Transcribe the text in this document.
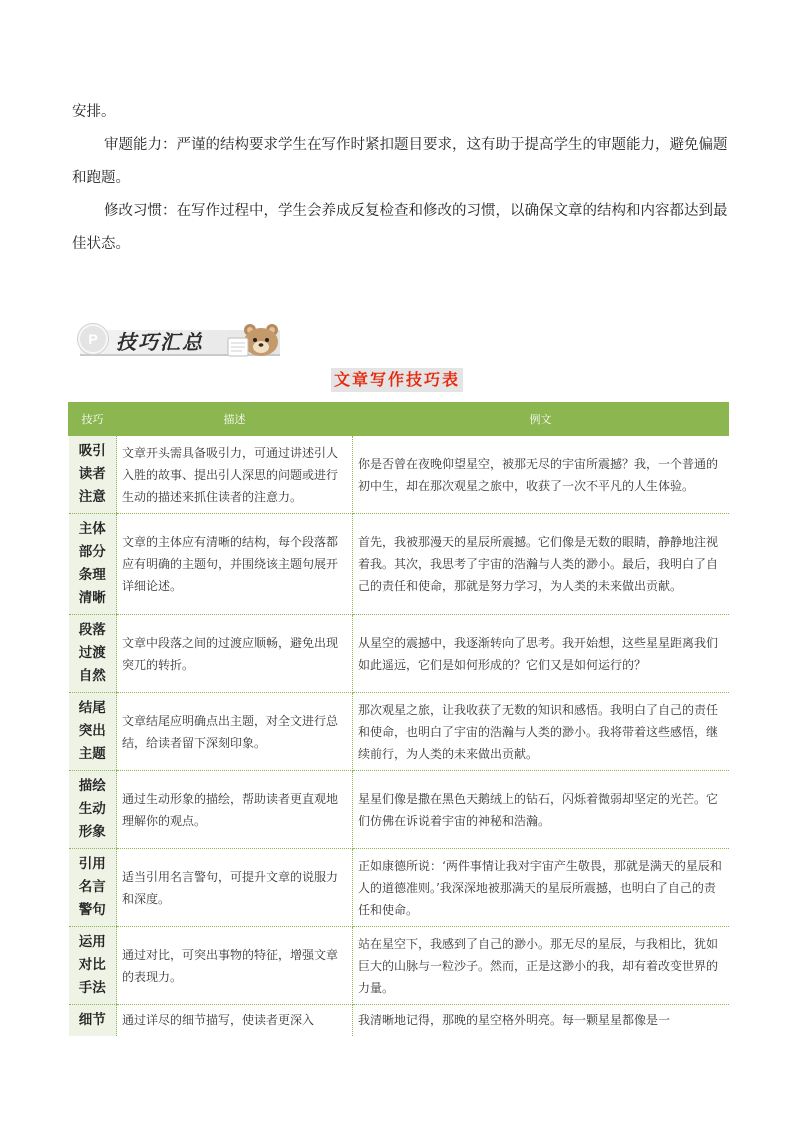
安排。

审题能力：严谨的结构要求学生在写作时紧扣题目要求，这有助于提高学生的审题能力，避免偏题和跑题。

修改习惯：在写作过程中，学生会养成反复检查和修改的习惯，以确保文章的结构和内容都达到最佳状态。

P 技巧汇总
文章写作技巧表
技巧	描述	例文
吸引读者注意	文章开头需具备吸引力，可通过讲述引人入胜的故事、提出引人深思的问题或进行生动的描述来抓住读者的注意力。	你是否曾在夜晚仰望星空，被那无尽的宇宙所震撼？我，一个普通的初中生，却在那次观星之旅中，收获了一次不平凡的人生体验。
主体部分条理清晰	文章的主体应有清晰的结构，每个段落都应有明确的主题句，并围绕该主题句展开详细论述。	首先，我被那漫天的星辰所震撼。它们像是无数的眼睛，静静地注视着我。其次，我思考了宇宙的浩瀚与人类的渺小。最后，我明白了自己的责任和使命，那就是努力学习，为人类的未来做出贡献。
段落过渡自然	文章中段落之间的过渡应顺畅，避免出现突兀的转折。	从星空的震撼中，我逐渐转向了思考。我开始想，这些星星距离我们如此遥远，它们是如何形成的？它们又是如何运行的？
结尾突出主题	文章结尾应明确点出主题，对全文进行总结，给读者留下深刻印象。	那次观星之旅，让我收获了无数的知识和感悟。我明白了自己的责任和使命，也明白了宇宙的浩瀚与人类的渺小。我将带着这些感悟，继续前行，为人类的未来做出贡献。
描绘生动形象	通过生动形象的描绘，帮助读者更直观地理解你的观点。	星星们像是撒在黑色天鹅绒上的钻石，闪烁着微弱却坚定的光芒。它们仿佛在诉说着宇宙的神秘和浩瀚。
引用名言警句	适当引用名言警句，可提升文章的说服力和深度。	正如康德所说：‘两件事情让我对宇宙产生敬畏，那就是满天的星辰和人的道德准则。’我深深地被那满天的星辰所震撼，也明白了自己的责任和使命。
运用对比手法	通过对比，可突出事物的特征，增强文章的表现力。	站在星空下，我感到了自己的渺小。那无尽的星辰，与我相比，犹如巨大的山脉与一粒沙子。然而，正是这渺小的我，却有着改变世界的力量。
细节	通过详尽的细节描写，使读者更深入	我清晰地记得，那晚的星空格外明亮。每一颗星星都像是一
